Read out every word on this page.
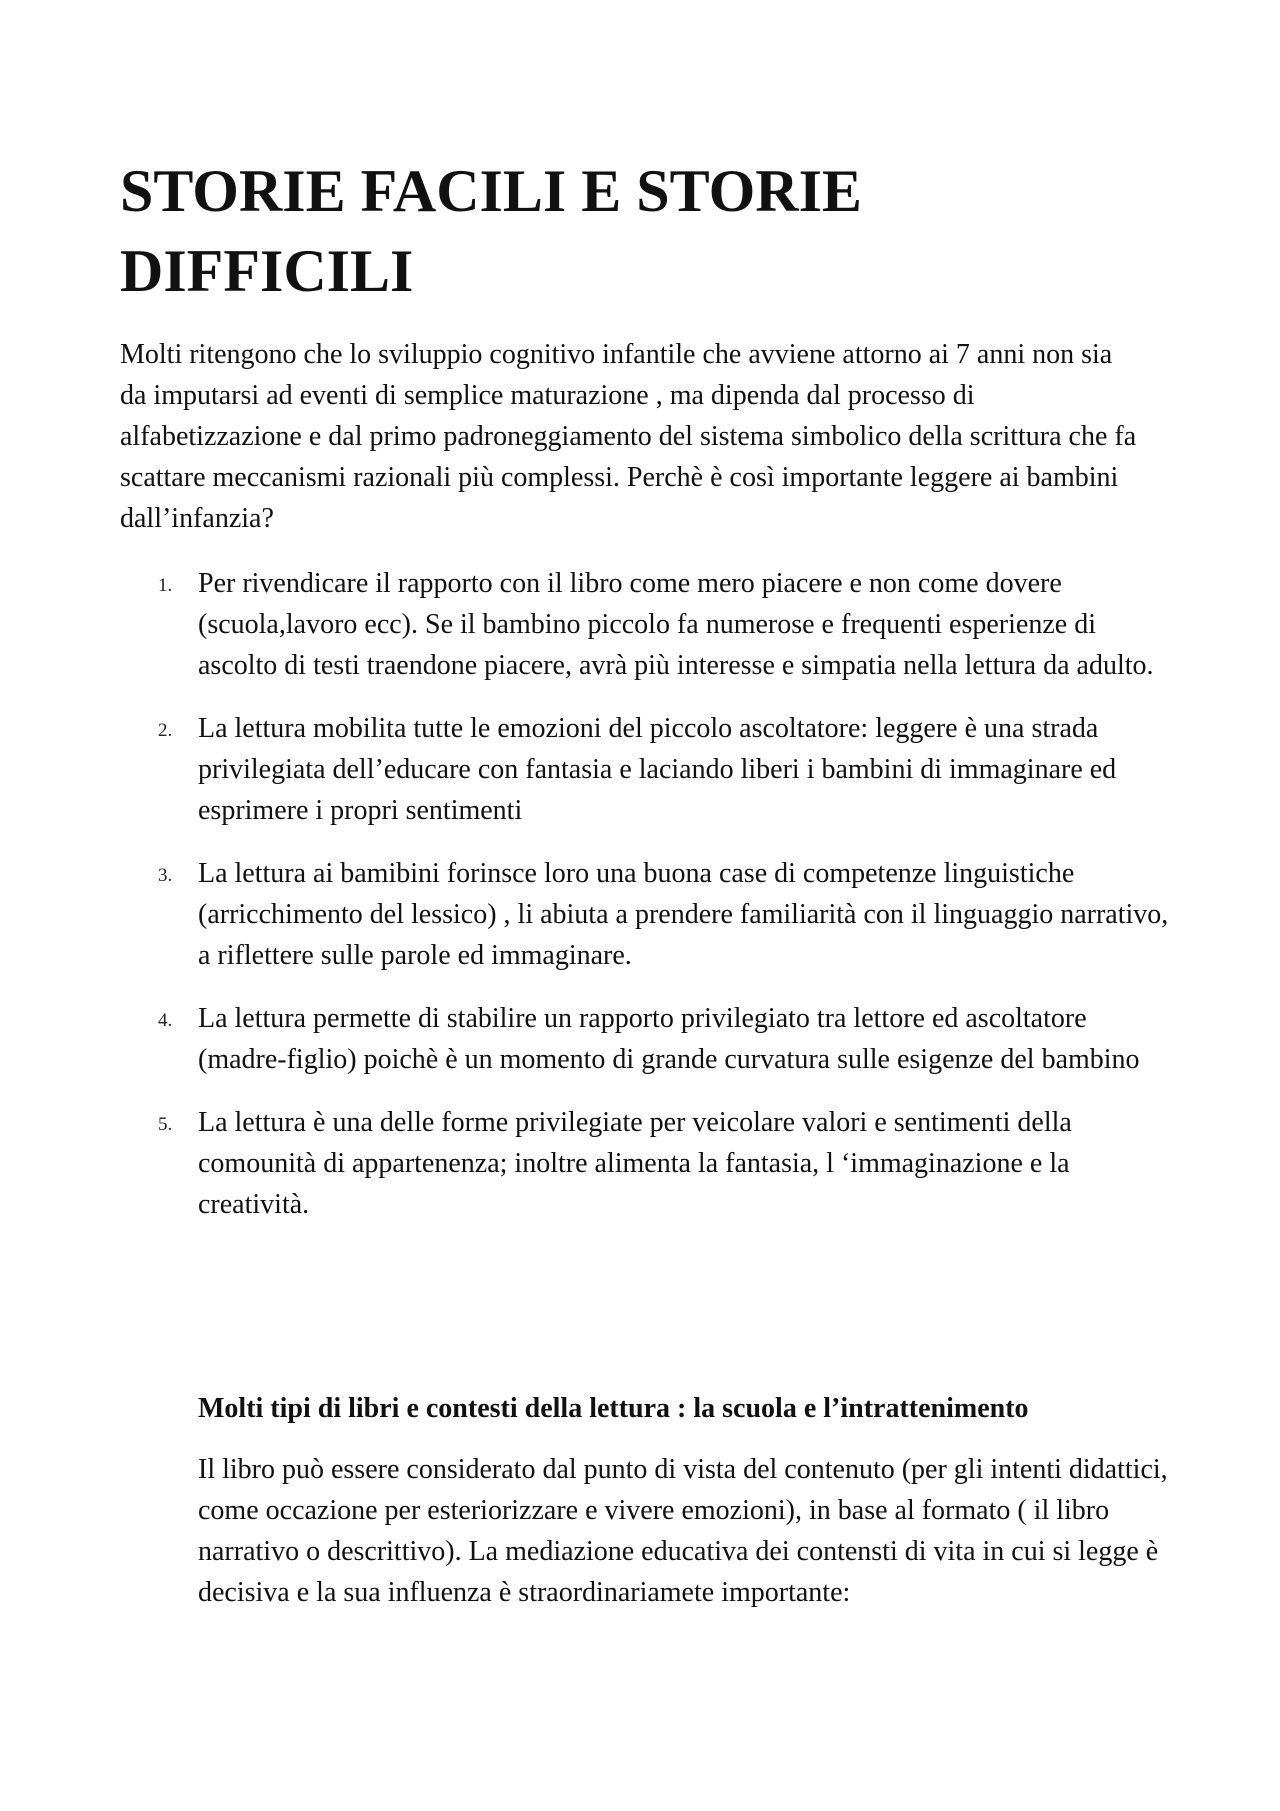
STORIE FACILI E STORIE DIFFICILI

Molti ritengono che lo sviluppio cognitivo infantile che avviene attorno ai 7 anni non sia da imputarsi ad eventi di semplice maturazione , ma dipenda dal processo di alfabetizzazione e dal primo padroneggiamento del sistema simbolico della scrittura che fa scattare meccanismi razionali più complessi. Perchè è così importante leggere ai bambini dall’infanzia?

1. Per rivendicare il rapporto con il libro come mero piacere e non come dovere (scuola,lavoro ecc). Se il bambino piccolo fa numerose e frequenti esperienze di ascolto di testi traendone piacere, avrà più interesse e simpatia nella lettura da adulto.
2. La lettura mobilita tutte le emozioni del piccolo ascoltatore: leggere è una strada privilegiata dell’educare con fantasia e laciando liberi i bambini di immaginare ed esprimere i propri sentimenti
3. La lettura ai bamibini forinsce loro una buona case di competenze linguistiche (arricchimento del lessico) , li abiuta a prendere familiarità con il linguaggio narrativo, a riflettere sulle parole ed immaginare.
4. La lettura permette di stabilire un rapporto privilegiato tra lettore ed ascoltatore (madre-figlio) poichè è un momento di grande curvatura sulle esigenze del bambino
5. La lettura è una delle forme privilegiate per veicolare valori e sentimenti della comounità di appartenenza; inoltre alimenta la fantasia, l ‘immaginazione e la creatività.
Molti tipi di libri e contesti della lettura : la scuola e l’intrattenimento

Il libro può essere considerato dal punto di vista del contenuto (per gli intenti didattici, come occazione per esteriorizzare e vivere emozioni), in base al formato ( il libro narrativo o descrittivo). La mediazione educativa dei contensti di vita in cui si legge è decisiva e la sua influenza è straordinariamete importante:
